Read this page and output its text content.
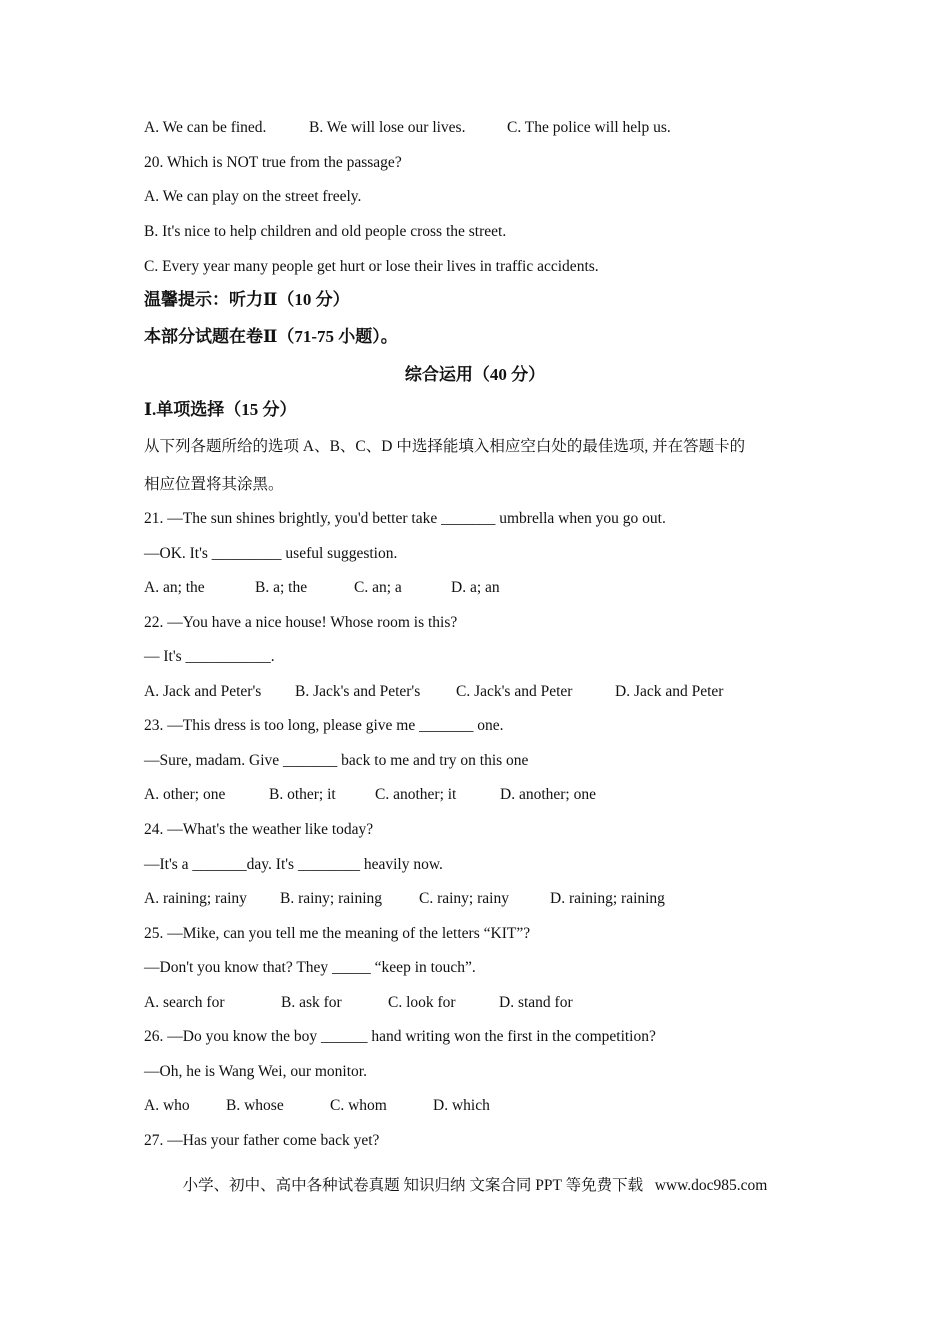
A. We can be fined.	B. We will lose our lives.	C. The police will help us.
20. Which is NOT true from the passage?
A. We can play on the street freely.
B. It's nice to help children and old people cross the street.
C. Every year many people get hurt or lose their lives in traffic accidents.
温馨提示：听力Ⅱ（10 分）
本部分试题在卷Ⅱ（71-75 小题）。
综合运用（40 分）
Ⅰ.单项选择（15 分）
从下列各题所给的选项 A、B、C、D 中选择能填入相应空白处的最佳选项, 并在答题卡的
相应位置将其涂黑。
21. —The sun shines brightly, you'd better take _______ umbrella when you go out.
—OK. It's _________ useful suggestion.
A. an; the	B. a; the	C. an; a	D. a; an
22. —You have a nice house! Whose room is this?
— It's ___________.
A. Jack and Peter's B. Jack's and Peter's C. Jack's and Peter	D. Jack and Peter
23. —This dress is too long, please give me _______ one.
—Sure, madam. Give _______ back to me and try on this one
A. other; one	B. other; it	C. another; it	D. another; one
24. —What's the weather like today?
—It's a _______day. It's ________ heavily now.
A. raining; rainy B. rainy; raining C. rainy; rainy	D. raining; raining
25. —Mike, can you tell me the meaning of the letters “KIT”?
—Don't you know that? They _____ “keep in touch”.
A. search for	B. ask for	C. look for	D. stand for
26. —Do you know the boy ______ hand writing won the first in the competition?
—Oh, he is Wang Wei, our monitor.
A. who B. whose	C. whom	D. which
27. —Has your father come back yet?
小学、初中、高中各种试卷真题 知识归纳 文案合同 PPT 等免费下载   www.doc985.com
